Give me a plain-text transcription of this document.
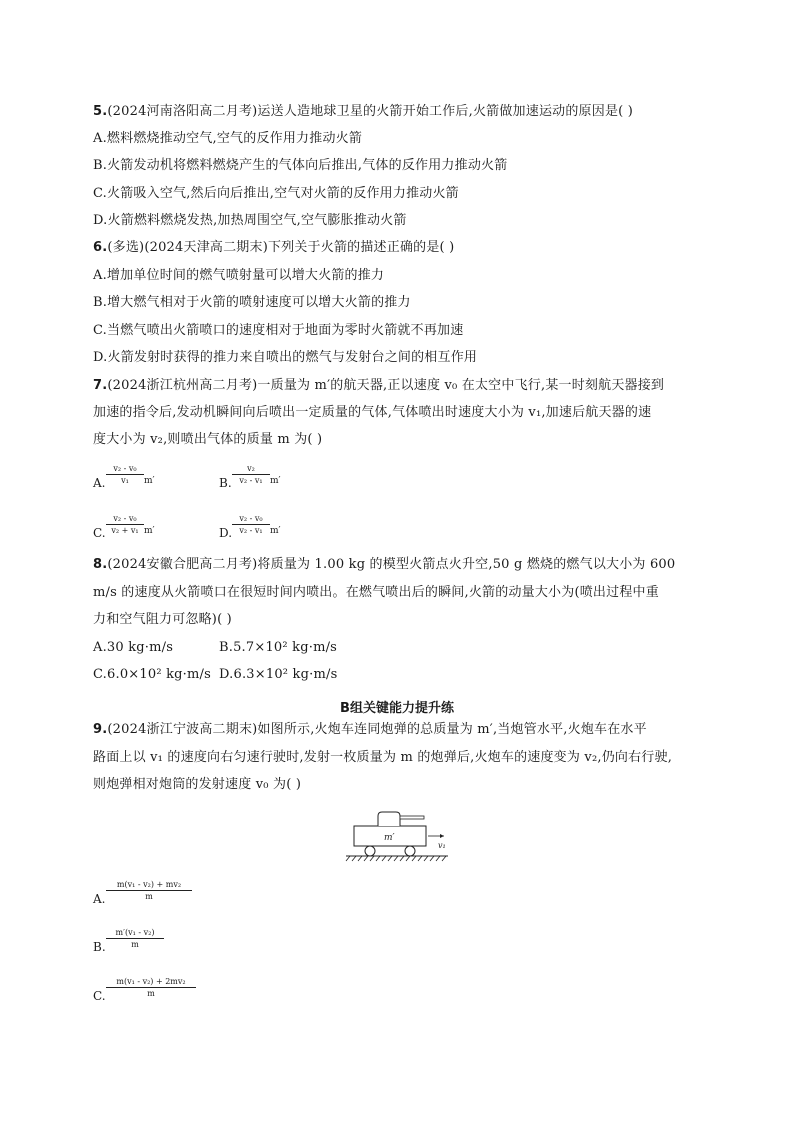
5.(2024河南洛阳高二月考)运送人造地球卫星的火箭开始工作后,火箭做加速运动的原因是( )
A.燃料燃烧推动空气,空气的反作用力推动火箭
B.火箭发动机将燃料燃烧产生的气体向后推出,气体的反作用力推动火箭
C.火箭吸入空气,然后向后推出,空气对火箭的反作用力推动火箭
D.火箭燃料燃烧发热,加热周围空气,空气膨胀推动火箭
6.(多选)(2024天津高二期末)下列关于火箭的描述正确的是( )
A.增加单位时间的燃气喷射量可以增大火箭的推力
B.增大燃气相对于火箭的喷射速度可以增大火箭的推力
C.当燃气喷出火箭喷口的速度相对于地面为零时火箭就不再加速
D.火箭发射时获得的推力来自喷出的燃气与发射台之间的相互作用
7.(2024浙江杭州高二月考)一质量为 m′的航天器,正以速度 v₀ 在太空中飞行,某一时刻航天器接到
加速的指令后,发动机瞬间向后喷出一定质量的气体,气体喷出时速度大小为 v₁,加速后航天器的速
度大小为 v₂,则喷出气体的质量 m 为( )
A.
v₂ - v₀
v₁	m′	B.
v₂
v₂ - v₁ m′
C.
v₂ - v₀
v₂ + v₁ m′	D.
v₂ - v₀
v₂ - v₁ m′
8.(2024安徽合肥高二月考)将质量为 1.00 kg 的模型火箭点火升空,50 g 燃烧的燃气以大小为 600
m/s 的速度从火箭喷口在很短时间内喷出。在燃气喷出后的瞬间,火箭的动量大小为(喷出过程中重
力和空气阻力可忽略)( )
A.30 kg·m/s	B.5.7×10² kg·m/s
C.6.0×10² kg·m/s D.6.3×10² kg·m/s
B组关键能力提升练
9.(2024浙江宁波高二期末)如图所示,火炮车连同炮弹的总质量为 m′,当炮管水平,火炮车在水平
路面上以 v₁ 的速度向右匀速行驶时,发射一枚质量为 m 的炮弹后,火炮车的速度变为 v₂,仍向右行驶,
则炮弹相对炮筒的发射速度 v₀ 为( )
m′
v₁
A.
m(v₁ - v₂) + mv₂
m
B.
m′(v₁ - v₂)
m
C.
m(v₁ - v₂) + 2mv₂
m
